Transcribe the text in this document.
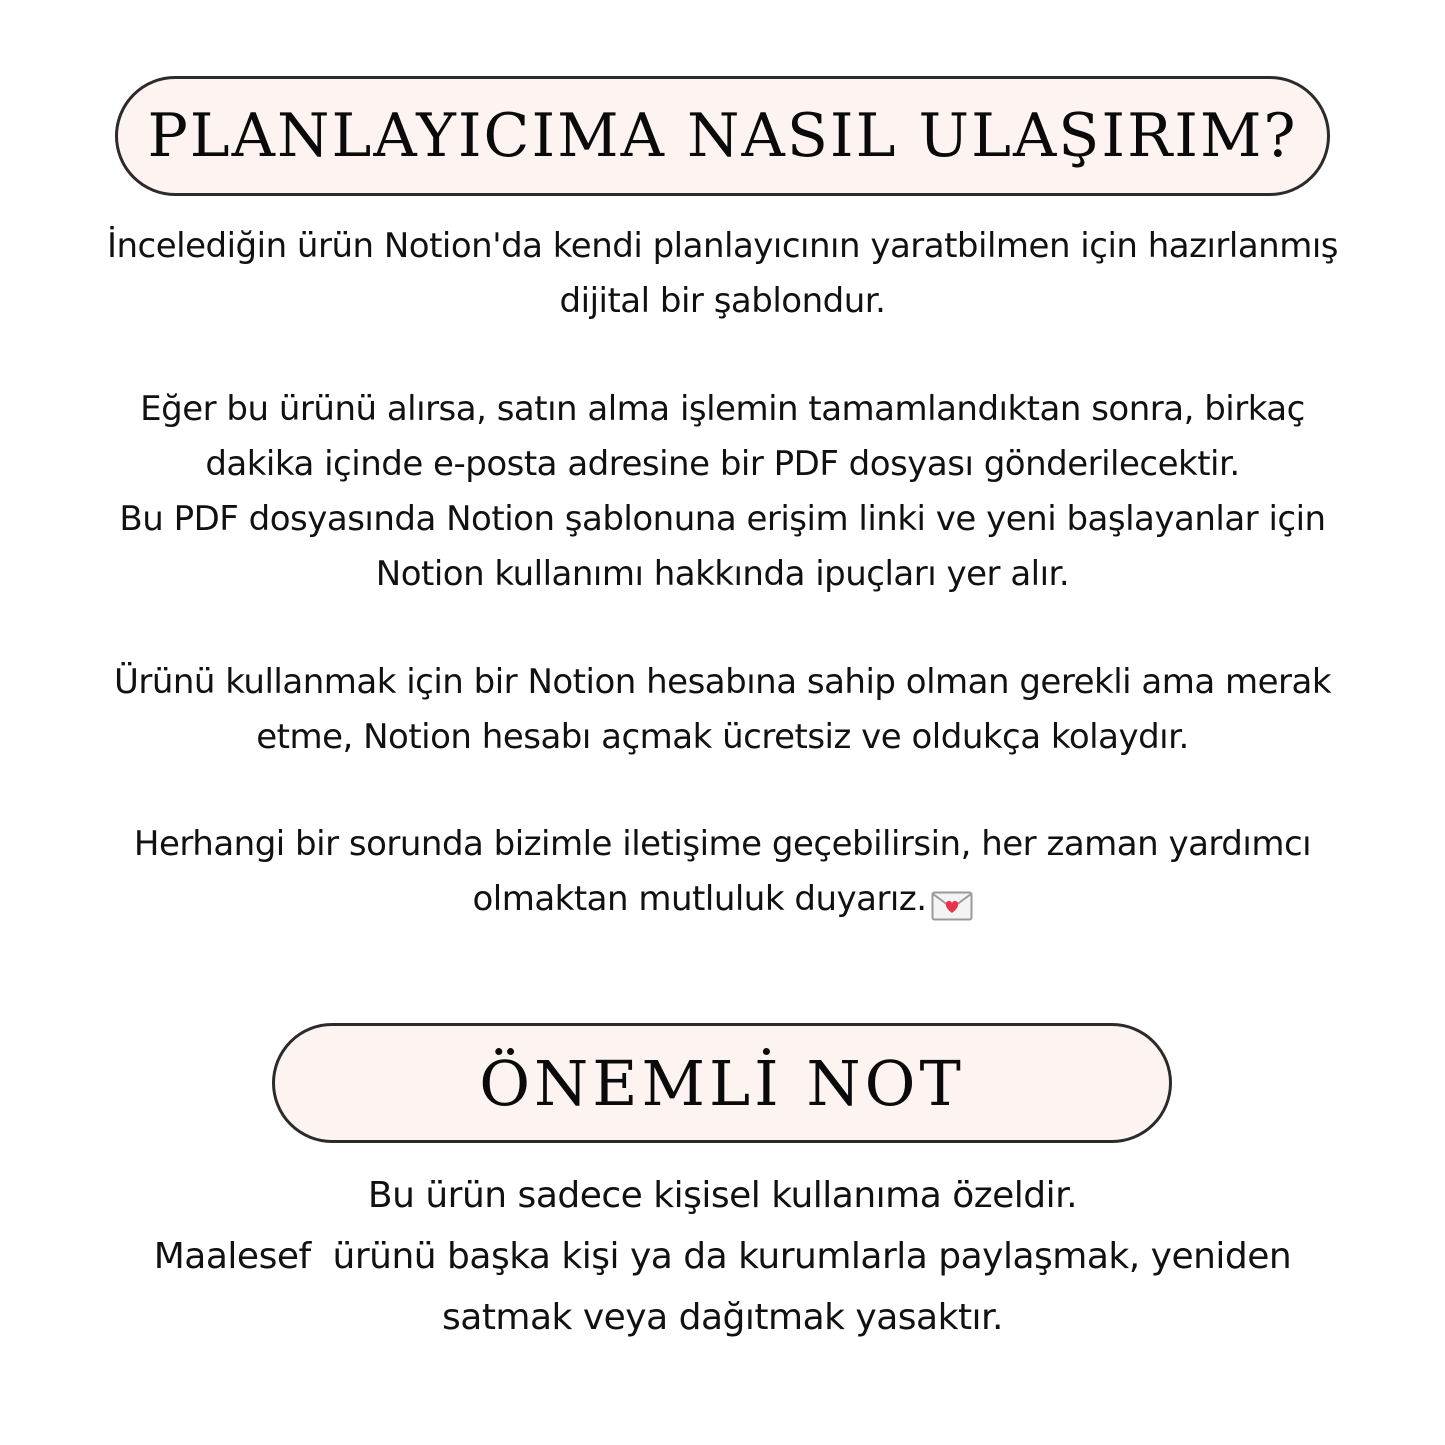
PLANLAYICIMA NASIL ULAŞIRIM?
İncelediğin ürün Notion'da kendi planlayıcının yaratbilmen için hazırlanmış
dijital bir şablondur.
Eğer bu ürünü alırsa, satın alma işlemin tamamlandıktan sonra, birkaç
dakika içinde e-posta adresine bir PDF dosyası gönderilecektir.
Bu PDF dosyasında Notion şablonuna erişim linki ve yeni başlayanlar için
Notion kullanımı hakkında ipuçları yer alır.
Ürünü kullanmak için bir Notion hesabına sahip olman gerekli ama merak
etme, Notion hesabı açmak ücretsiz ve oldukça kolaydır.
Herhangi bir sorunda bizimle iletişime geçebilirsin, her zaman yardımcı
olmaktan mutluluk duyarız.
ÖNEMLİ NOT
Bu ürün sadece kişisel kullanıma özeldir.
Maalesef  ürünü başka kişi ya da kurumlarla paylaşmak, yeniden
satmak veya dağıtmak yasaktır.
